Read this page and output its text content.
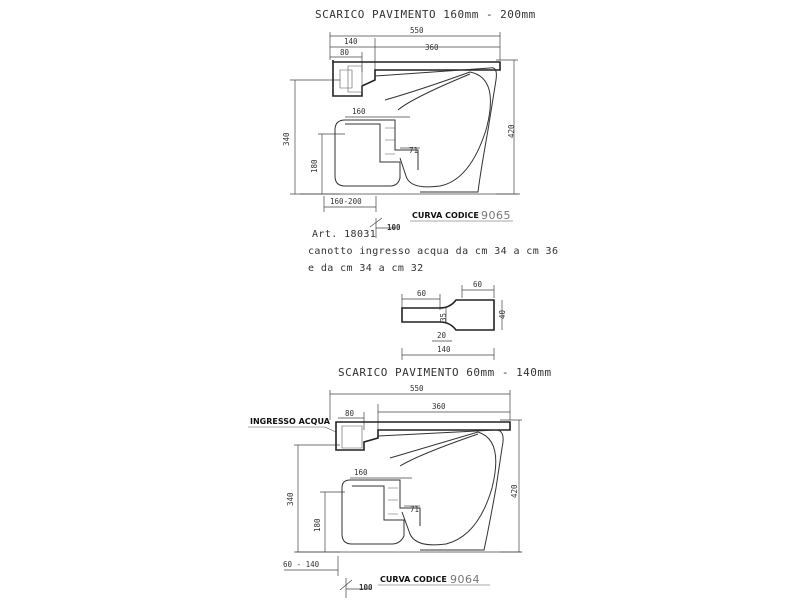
SCARICO PAVIMENTO 160mm - 200mm
550
140
360
80
340
180
420
160
71
160-200
100
CURVA CODICE 9065
Art. 18031
canotto ingresso acqua da cm 34 a cm 36
e da cm 34 a cm 32
60
60
35	40
20
140
SCARICO PAVIMENTO 60mm - 140mm
550
360
80
INGRESSO ACQUA
340
180
420
160
71
60 - 140
100
CURVA CODICE 9064
